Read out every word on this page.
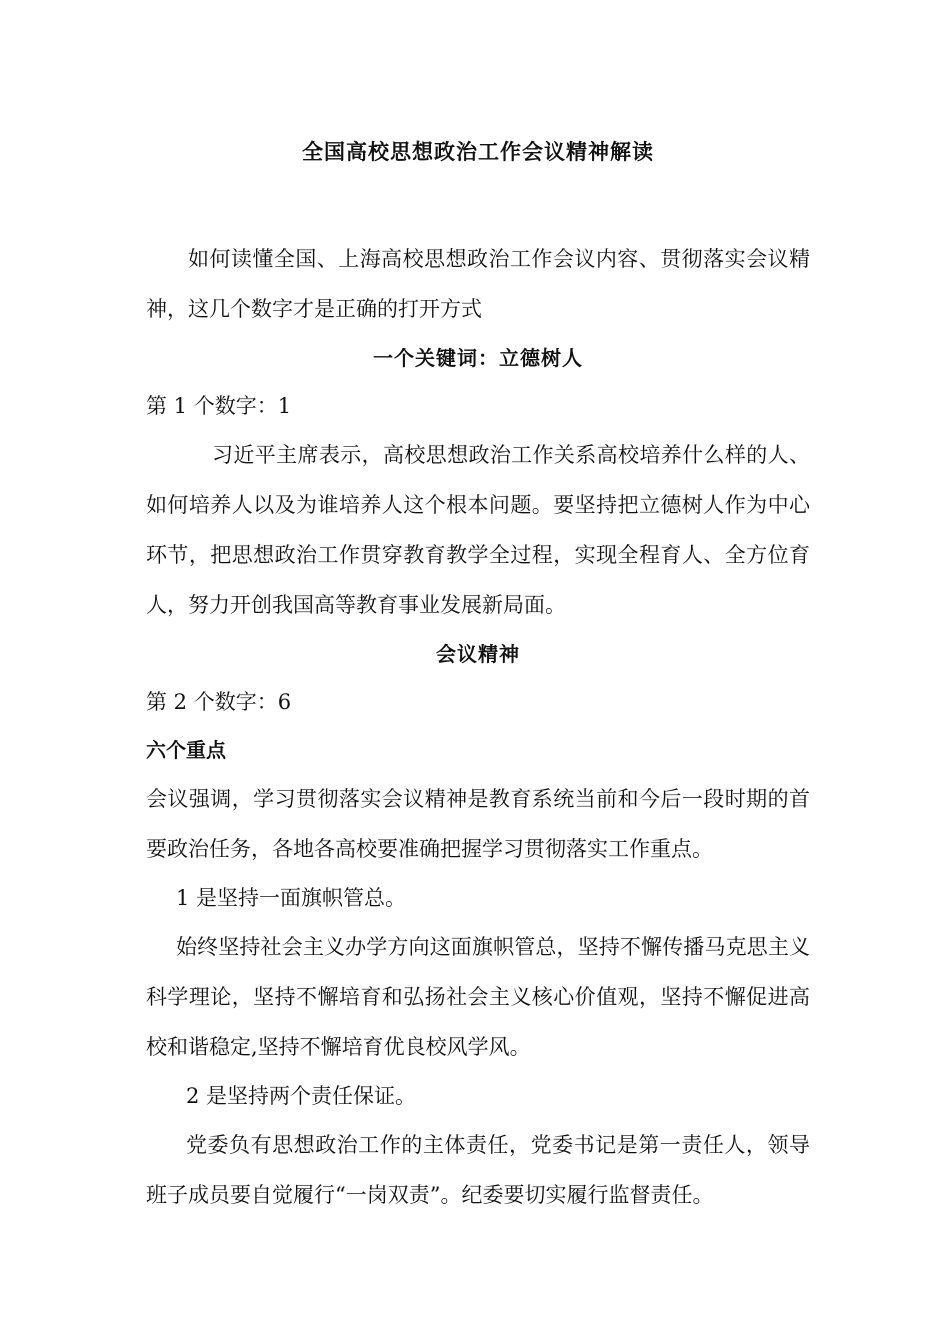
全国高校思想政治工作会议精神解读

如何读懂全国、上海高校思想政治工作会议内容、贯彻落实会议精神，这几个数字才是正确的打开方式

一个关键词：立德树人

第 1 个数字：1

习近平主席表示，高校思想政治工作关系高校培养什么样的人、如何培养人以及为谁培养人这个根本问题。要坚持把立德树人作为中心环节，把思想政治工作贯穿教育教学全过程，实现全程育人、全方位育人，努力开创我国高等教育事业发展新局面。

会议精神

第 2 个数字：6

六个重点

会议强调，学习贯彻落实会议精神是教育系统当前和今后一段时期的首要政治任务，各地各高校要准确把握学习贯彻落实工作重点。

1 是坚持一面旗帜管总。

始终坚持社会主义办学方向这面旗帜管总，坚持不懈传播马克思主义科学理论，坚持不懈培育和弘扬社会主义核心价值观，坚持不懈促进高校和谐稳定,坚持不懈培育优良校风学风。

2 是坚持两个责任保证。

党委负有思想政治工作的主体责任，党委书记是第一责任人，领导班子成员要自觉履行“一岗双责”。纪委要切实履行监督责任。
